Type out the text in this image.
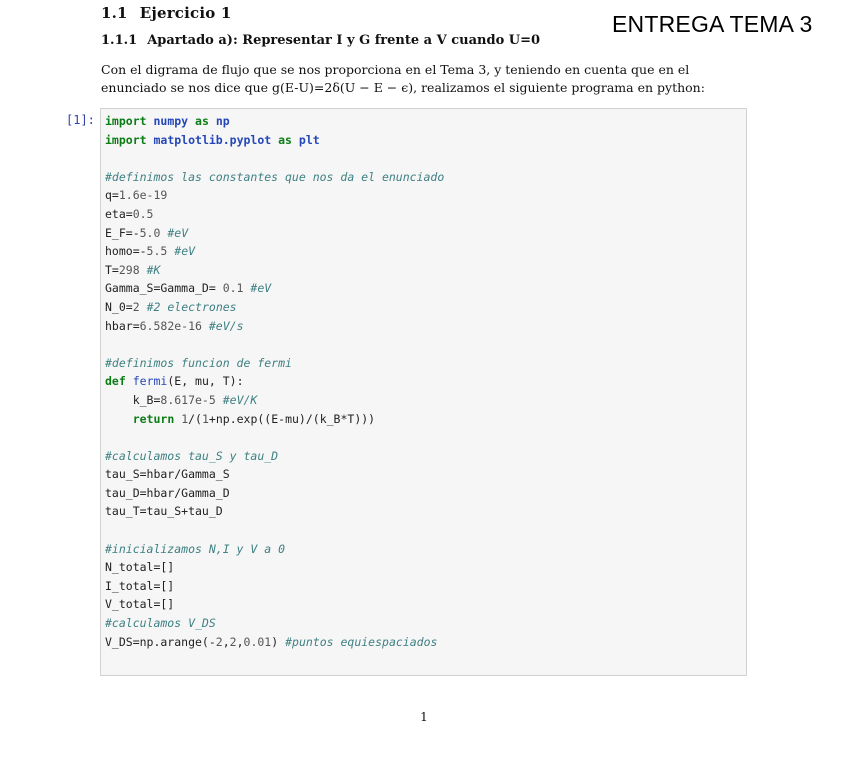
1.1 Ejercicio 1	ENTREGA TEMA 3
1.1.1 Apartado a): Representar I y G frente a V cuando U=0
Con el digrama de flujo que se nos proporciona en el Tema 3, y teniendo en cuenta que en el
enunciado se nos dice que g(E-U)=2δ(U − E − ϵ), realizamos el siguiente programa en python:
[1]: import numpy as np
import matplotlib.pyplot as plt

#definimos las constantes que nos da el enunciado
q=1.6e-19
eta=0.5
E_F=-5.0 #eV
homo=-5.5 #eV
T=298 #K
Gamma_S=Gamma_D= 0.1 #eV
N_0=2 #2 electrones
hbar=6.582e-16 #eV/s

#definimos funcion de fermi
def fermi(E, mu, T):
k_B=8.617e-5 #eV/K
return 1/(1+np.exp((E-mu)/(k_B*T)))

#calculamos tau_S y tau_D
tau_S=hbar/Gamma_S
tau_D=hbar/Gamma_D
tau_T=tau_S+tau_D

#inicializamos N,I y V a 0
N_total=[]
I_total=[]
V_total=[]
#calculamos V_DS
V_DS=np.arange(-2,2,0.01) #puntos equiespaciados
1
